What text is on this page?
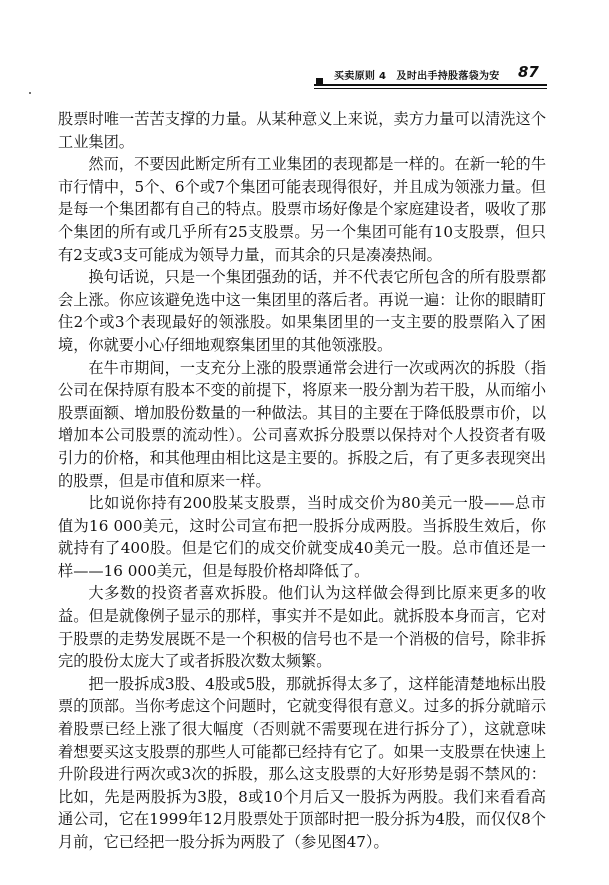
买卖原则 4　及时出手持股落袋为安 87

股票时唯一苦苦支撑的力量。从某种意义上来说，卖方力量可以清洗这个工业集团。

然而，不要因此断定所有工业集团的表现都是一样的。在新一轮的牛市行情中，5个、6个或7个集团可能表现得很好，并且成为领涨力量。但是每一个集团都有自己的特点。股票市场好像是个家庭建设者，吸收了那个集团的所有或几乎所有25支股票。另一个集团可能有10支股票，但只有2支或3支可能成为领导力量，而其余的只是凑凑热闹。

换句话说，只是一个集团强劲的话，并不代表它所包含的所有股票都会上涨。你应该避免选中这一集团里的落后者。再说一遍：让你的眼睛盯住2个或3个表现最好的领涨股。如果集团里的一支主要的股票陷入了困境，你就要小心仔细地观察集团里的其他领涨股。

在牛市期间，一支充分上涨的股票通常会进行一次或两次的拆股（指公司在保持原有股本不变的前提下，将原来一股分割为若干股，从而缩小股票面额、增加股份数量的一种做法。其目的主要在于降低股票市价，以增加本公司股票的流动性）。公司喜欢拆分股票以保持对个人投资者有吸引力的价格，和其他理由相比这是主要的。拆股之后，有了更多表现突出的股票，但是市值和原来一样。

比如说你持有200股某支股票，当时成交价为80美元一股——总市值为16 000美元，这时公司宣布把一股拆分成两股。当拆股生效后，你就持有了400股。但是它们的成交价就变成40美元一股。总市值还是一样——16 000美元，但是每股价格却降低了。

大多数的投资者喜欢拆股。他们认为这样做会得到比原来更多的收益。但是就像例子显示的那样，事实并不是如此。就拆股本身而言，它对于股票的走势发展既不是一个积极的信号也不是一个消极的信号，除非拆完的股份太庞大了或者拆股次数太频繁。

把一股拆成3股、4股或5股，那就拆得太多了，这样能清楚地标出股票的顶部。当你考虑这个问题时，它就变得很有意义。过多的拆分就暗示着股票已经上涨了很大幅度（否则就不需要现在进行拆分了），这就意味着想要买这支股票的那些人可能都已经持有它了。如果一支股票在快速上升阶段进行两次或3次的拆股，那么这支股票的大好形势是弱不禁风的：比如，先是两股拆为3股，8或10个月后又一股拆为两股。我们来看看高通公司，它在1999年12月股票处于顶部时把一股分拆为4股，而仅仅8个月前，它已经把一股分拆为两股了（参见图47）。
